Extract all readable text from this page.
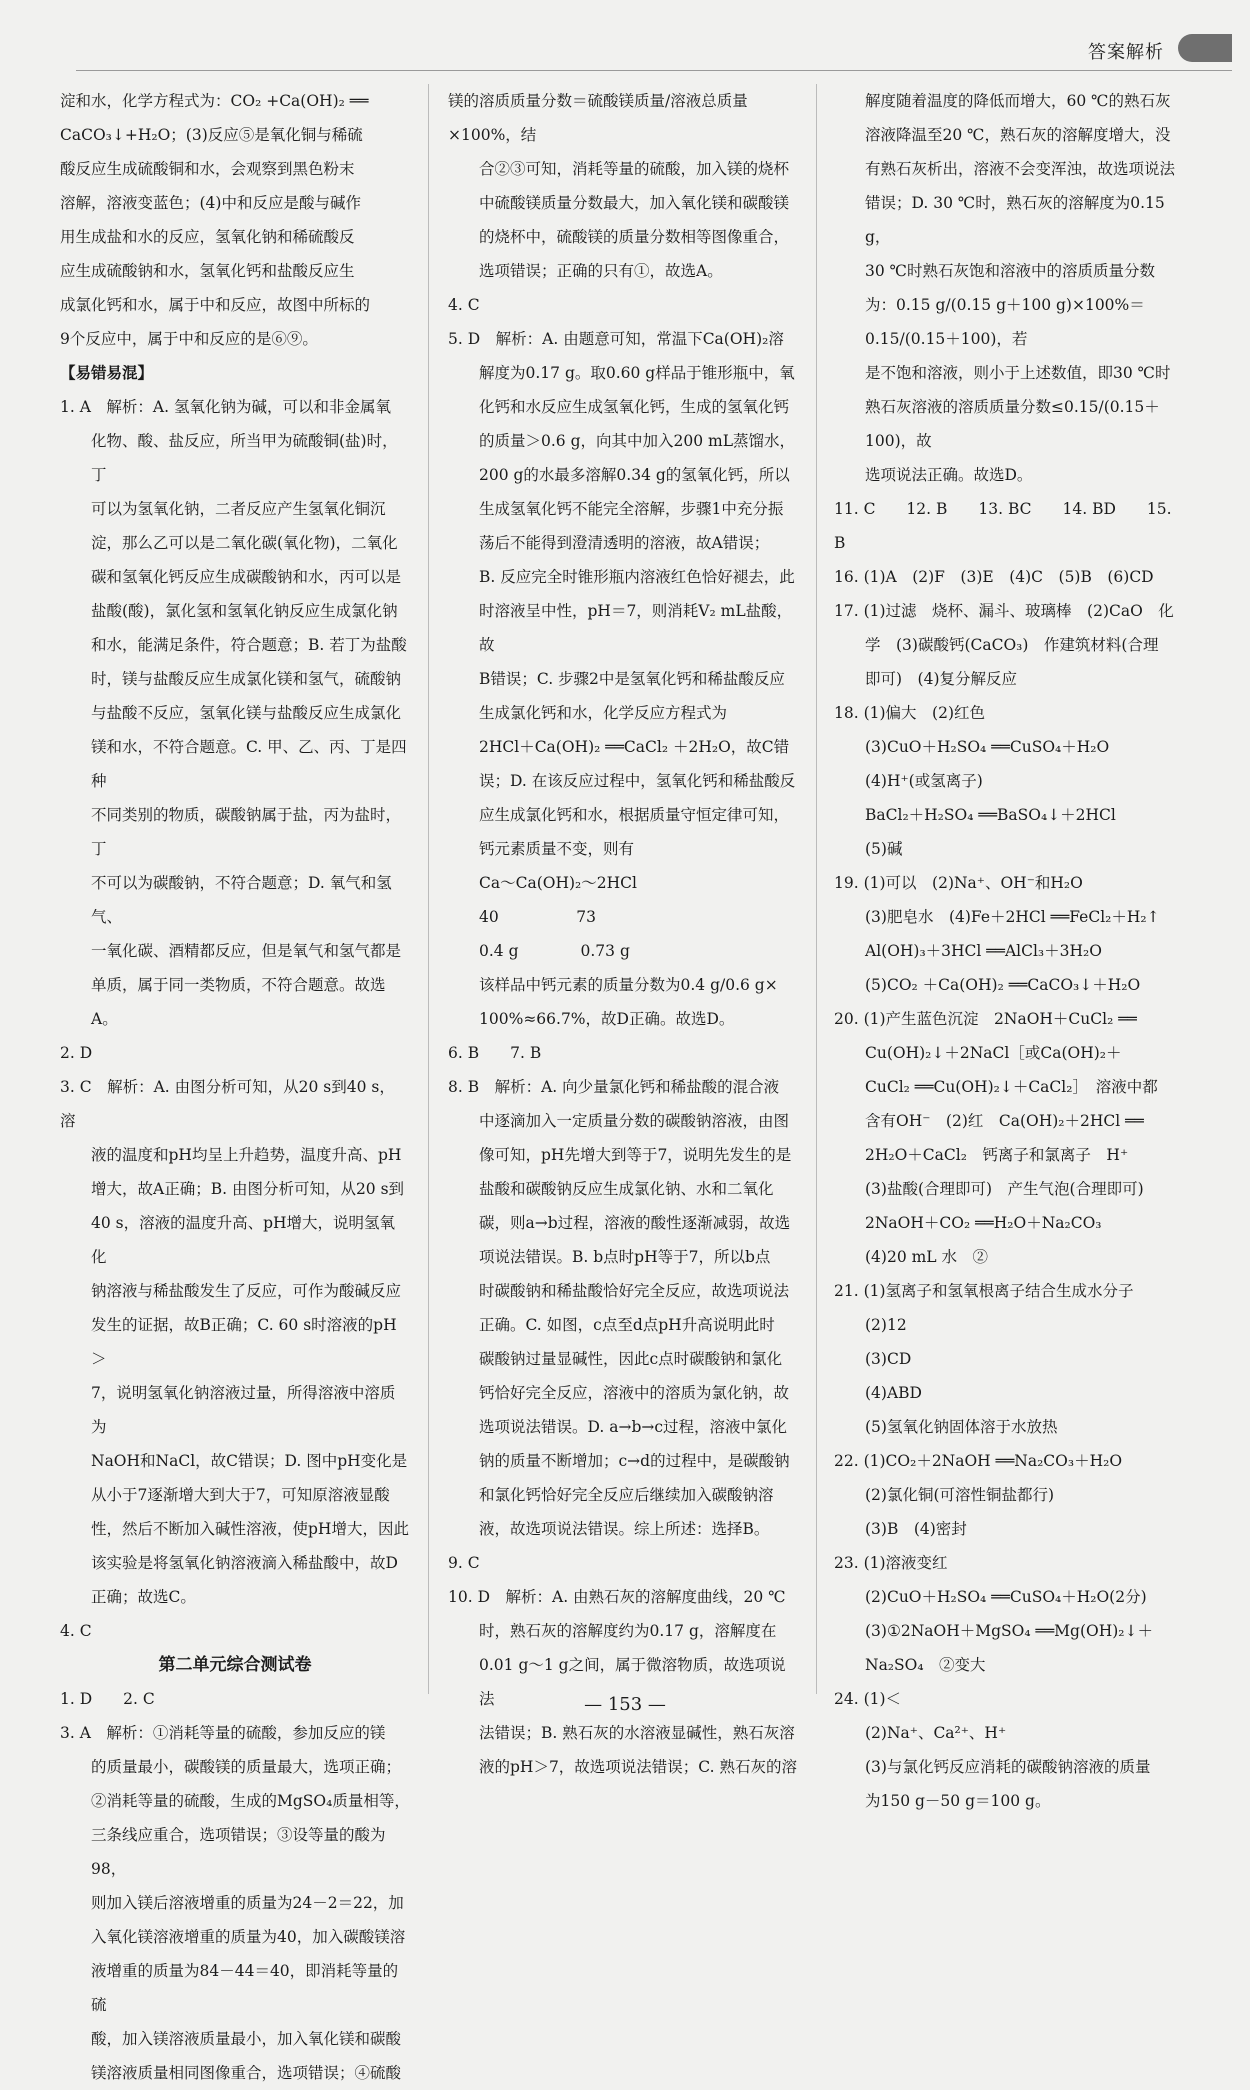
答案解析

淀和水，化学方程式为：CO₂ +Ca(OH)₂ ══

CaCO₃↓+H₂O；(3)反应⑤是氧化铜与稀硫

酸反应生成硫酸铜和水，会观察到黑色粉末

溶解，溶液变蓝色；(4)中和反应是酸与碱作

用生成盐和水的反应，氢氧化钠和稀硫酸反

应生成硫酸钠和水，氢氧化钙和盐酸反应生

成氯化钙和水，属于中和反应，故图中所标的

9个反应中，属于中和反应的是⑥⑨。

【易错易混】

1. A　解析：A. 氢氧化钠为碱，可以和非金属氧

化物、酸、盐反应，所当甲为硫酸铜(盐)时，丁

可以为氢氧化钠，二者反应产生氢氧化铜沉

淀，那么乙可以是二氧化碳(氧化物)，二氧化

碳和氢氧化钙反应生成碳酸钠和水，丙可以是

盐酸(酸)，氯化氢和氢氧化钠反应生成氯化钠

和水，能满足条件，符合题意；B. 若丁为盐酸

时，镁与盐酸反应生成氯化镁和氢气，硫酸钠

与盐酸不反应，氢氧化镁与盐酸反应生成氯化

镁和水，不符合题意。C. 甲、乙、丙、丁是四种

不同类别的物质，碳酸钠属于盐，丙为盐时，丁

不可以为碳酸钠，不符合题意；D. 氧气和氢气、

一氧化碳、酒精都反应，但是氧气和氢气都是

单质，属于同一类物质，不符合题意。故选 A。

2. D

3. C　解析：A. 由图分析可知，从20 s到40 s，溶

液的温度和pH均呈上升趋势，温度升高、pH

增大，故A正确；B. 由图分析可知，从20 s到

40 s，溶液的温度升高、pH增大，说明氢氧化

钠溶液与稀盐酸发生了反应，可作为酸碱反应

发生的证据，故B正确；C. 60 s时溶液的pH＞

7，说明氢氧化钠溶液过量，所得溶液中溶质为

NaOH和NaCl，故C错误；D. 图中pH变化是

从小于7逐渐增大到大于7，可知原溶液显酸

性，然后不断加入碱性溶液，使pH增大，因此

该实验是将氢氧化钠溶液滴入稀盐酸中，故D

正确；故选C。

4. C

第二单元综合测试卷

1. D　　2. C

3. A　解析：①消耗等量的硫酸，参加反应的镁

的质量最小，碳酸镁的质量最大，选项正确；

②消耗等量的硫酸，生成的MgSO₄质量相等，

三条线应重合，选项错误；③设等量的酸为98，

则加入镁后溶液增重的质量为24－2＝22，加

入氧化镁溶液增重的质量为40，加入碳酸镁溶

液增重的质量为84－44＝40，即消耗等量的硫

酸，加入镁溶液质量最小，加入氧化镁和碳酸

镁溶液质量相同图像重合，选项错误；④硫酸

镁的溶质质量分数＝硫酸镁质量/溶液总质量×100%，结

合②③可知，消耗等量的硫酸，加入镁的烧杯

中硫酸镁质量分数最大，加入氧化镁和碳酸镁

的烧杯中，硫酸镁的质量分数相等图像重合，

选项错误；正确的只有①，故选A。

4. C

5. D　解析：A. 由题意可知，常温下Ca(OH)₂溶

解度为0.17 g。取0.60 g样品于锥形瓶中，氧

化钙和水反应生成氢氧化钙，生成的氢氧化钙

的质量＞0.6 g，向其中加入200 mL蒸馏水，

200 g的水最多溶解0.34 g的氢氧化钙，所以

生成氢氧化钙不能完全溶解，步骤1中充分振

荡后不能得到澄清透明的溶液，故A错误；

B. 反应完全时锥形瓶内溶液红色恰好褪去，此

时溶液呈中性，pH＝7，则消耗V₂ mL盐酸，故

B错误；C. 步骤2中是氢氧化钙和稀盐酸反应

生成氯化钙和水，化学反应方程式为

2HCl＋Ca(OH)₂ ══CaCl₂ ＋2H₂O，故C错

误；D. 在该反应过程中，氢氧化钙和稀盐酸反

应生成氯化钙和水，根据质量守恒定律可知，

钙元素质量不变，则有

Ca～Ca(OH)₂～2HCl

40　　　　　73

0.4 g　　　　0.73 g

该样品中钙元素的质量分数为0.4 g/0.6 g×

100%≈66.7%，故D正确。故选D。

6. B　　7. B

8. B　解析：A. 向少量氯化钙和稀盐酸的混合液

中逐滴加入一定质量分数的碳酸钠溶液，由图

像可知，pH先增大到等于7，说明先发生的是

盐酸和碳酸钠反应生成氯化钠、水和二氧化

碳，则a→b过程，溶液的酸性逐渐减弱，故选

项说法错误。B. b点时pH等于7，所以b点

时碳酸钠和稀盐酸恰好完全反应，故选项说法

正确。C. 如图，c点至d点pH升高说明此时

碳酸钠过量显碱性，因此c点时碳酸钠和氯化

钙恰好完全反应，溶液中的溶质为氯化钠，故

选项说法错误。D. a→b→c过程，溶液中氯化

钠的质量不断增加；c→d的过程中，是碳酸钠

和氯化钙恰好完全反应后继续加入碳酸钠溶

液，故选项说法错误。综上所述：选择B。

9. C

10. D　解析：A. 由熟石灰的溶解度曲线，20 ℃

时，熟石灰的溶解度约为0.17 g，溶解度在

0.01 g～1 g之间，属于微溶物质，故选项说法

法错误；B. 熟石灰的水溶液显碱性，熟石灰溶

液的pH＞7，故选项说法错误；C. 熟石灰的溶

解度随着温度的降低而增大，60 ℃的熟石灰

溶液降温至20 ℃，熟石灰的溶解度增大，没

有熟石灰析出，溶液不会变浑浊，故选项说法

错误；D. 30 ℃时，熟石灰的溶解度为0.15 g，

30 ℃时熟石灰饱和溶液中的溶质质量分数

为：0.15 g/(0.15 g＋100 g)×100%＝0.15/(0.15＋100)，若

是不饱和溶液，则小于上述数值，即30 ℃时

熟石灰溶液的溶质质量分数≤0.15/(0.15＋100)，故

选项说法正确。故选D。

11. C　　12. B　　13. BC　　14. BD　　15. B

16. (1)A　(2)F　(3)E　(4)C　(5)B　(6)CD

17. (1)过滤　烧杯、漏斗、玻璃棒　(2)CaO　化

学　(3)碳酸钙(CaCO₃)　作建筑材料(合理

即可)　(4)复分解反应

18. (1)偏大　(2)红色

(3)CuO＋H₂SO₄ ══CuSO₄＋H₂O

(4)H⁺(或氢离子)

BaCl₂＋H₂SO₄ ══BaSO₄↓＋2HCl

(5)碱

19. (1)可以　(2)Na⁺、OH⁻和H₂O

(3)肥皂水　(4)Fe＋2HCl ══FeCl₂＋H₂↑

Al(OH)₃＋3HCl ══AlCl₃＋3H₂O

(5)CO₂ ＋Ca(OH)₂ ══CaCO₃↓＋H₂O

20. (1)产生蓝色沉淀　2NaOH＋CuCl₂ ══

Cu(OH)₂↓＋2NaCl［或Ca(OH)₂＋

CuCl₂ ══Cu(OH)₂↓＋CaCl₂］　溶液中都

含有OH⁻　(2)红　Ca(OH)₂＋2HCl ══

2H₂O＋CaCl₂　钙离子和氯离子　H⁺

(3)盐酸(合理即可)　产生气泡(合理即可)

2NaOH＋CO₂ ══H₂O＋Na₂CO₃

(4)20 mL 水　②

21. (1)氢离子和氢氧根离子结合生成水分子

(2)12

(3)CD

(4)ABD

(5)氢氧化钠固体溶于水放热

22. (1)CO₂＋2NaOH ══Na₂CO₃＋H₂O

(2)氯化铜(可溶性铜盐都行)

(3)B　(4)密封

23. (1)溶液变红

(2)CuO＋H₂SO₄ ══CuSO₄＋H₂O(2分)

(3)①2NaOH＋MgSO₄ ══Mg(OH)₂↓＋

Na₂SO₄　②变大

24. (1)＜

(2)Na⁺、Ca²⁺、H⁺

(3)与氯化钙反应消耗的碳酸钠溶液的质量

为150 g－50 g＝100 g。

— 153 —
